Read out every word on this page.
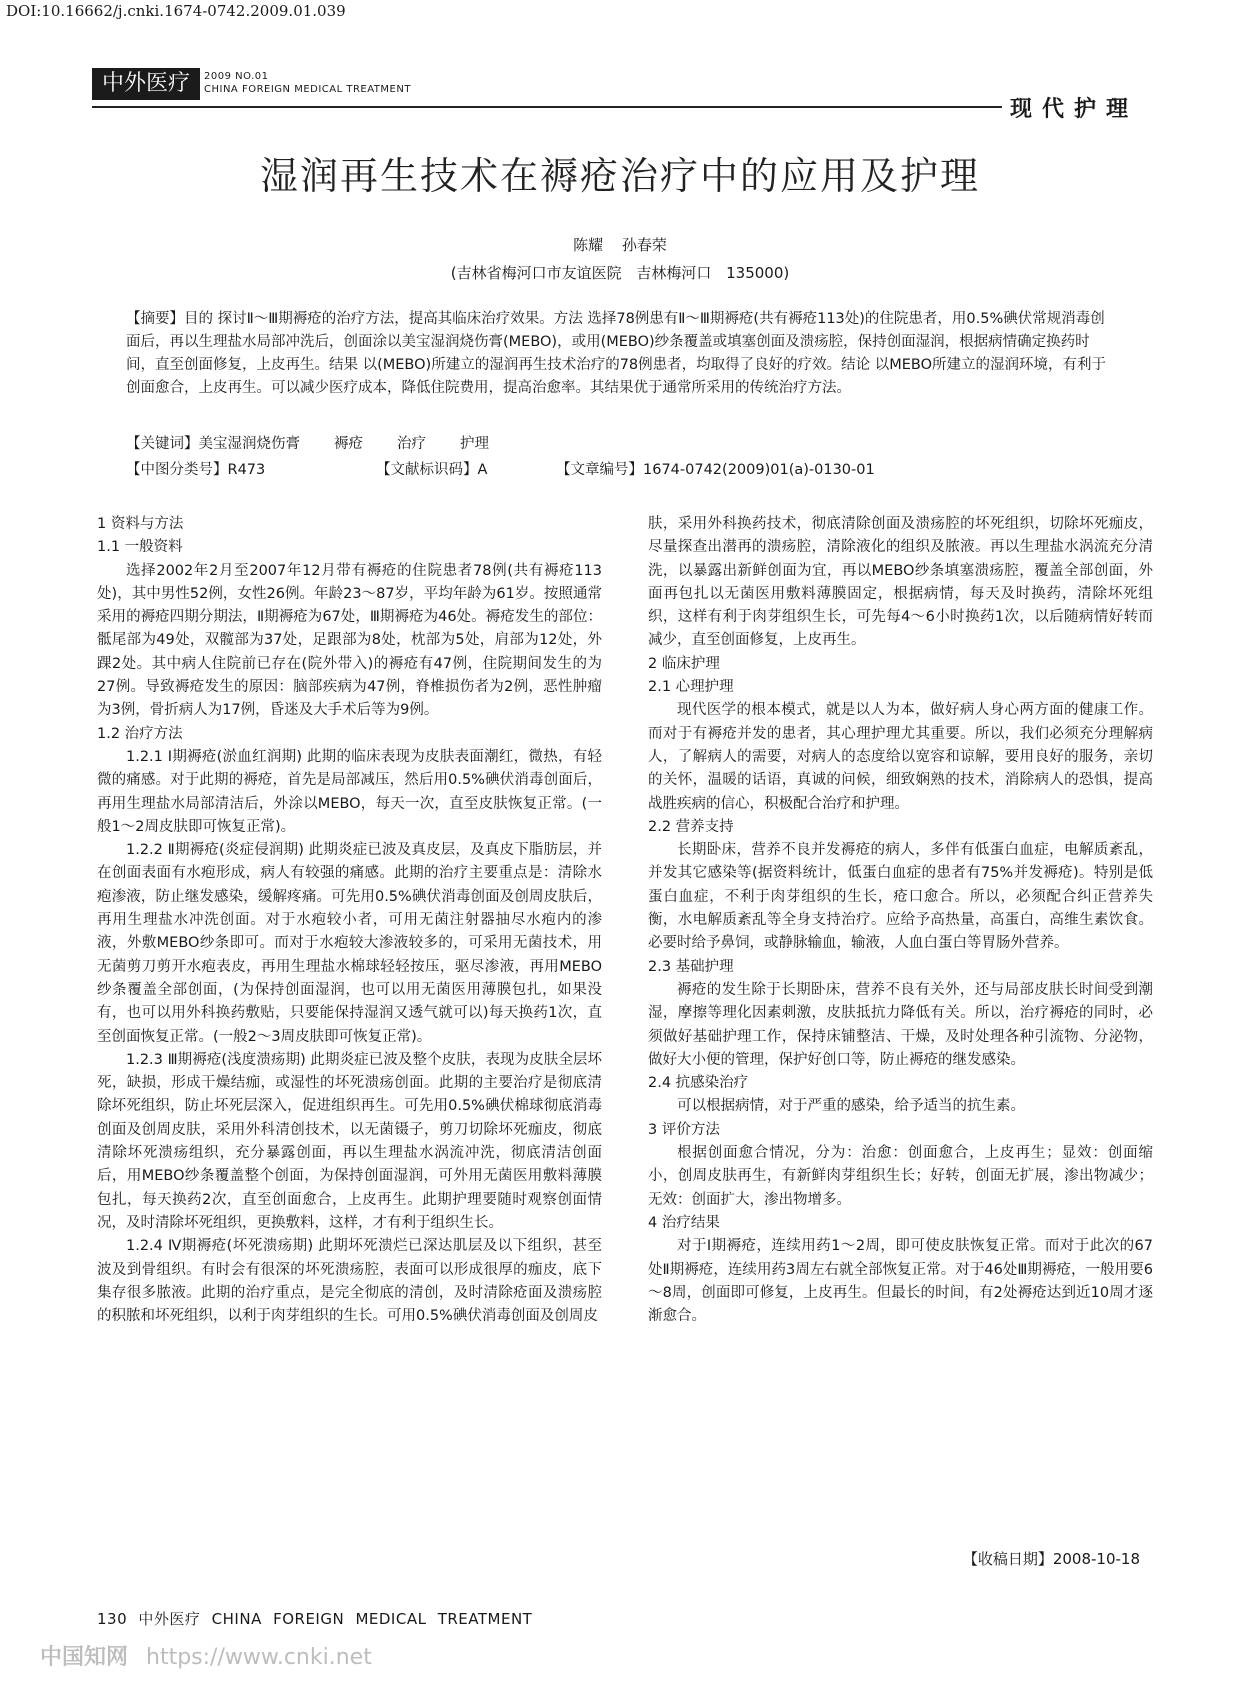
DOI:10.16662/j.cnki.1674-0742.2009.01.039
中外医疗	2009 NO.01
CHINA FOREIGN MEDICAL TREATMENT
现代护理
湿润再生技术在褥疮治疗中的应用及护理
陈耀 孙春荣
(吉林省梅河口市友谊医院 吉林梅河口 135000)

【摘要】目的 探讨Ⅱ～Ⅲ期褥疮的治疗方法，提高其临床治疗效果。方法 选择78例患有Ⅱ～Ⅲ期褥疮(共有褥疮113处)的住院患者，用0.5%碘伏常规消毒创面后，再以生理盐水局部冲洗后，创面涂以美宝湿润烧伤膏(MEBO)，或用(MEBO)纱条覆盖或填塞创面及溃疡腔，保持创面湿润，根据病情确定换药时间，直至创面修复，上皮再生。结果 以(MEBO)所建立的湿润再生技术治疗的78例患者，均取得了良好的疗效。结论 以MEBO所建立的湿润环境，有利于创面愈合，上皮再生。可以减少医疗成本，降低住院费用，提高治愈率。其结果优于通常所采用的传统治疗方法。

【关键词】美宝湿润烧伤膏 褥疮 治疗 护理
【中图分类号】R473	【文献标识码】A	【文章编号】1674-0742(2009)01(a)-0130-01

1 资料与方法

1.1 一般资料

选择2002年2月至2007年12月带有褥疮的住院患者78例(共有褥疮113处)，其中男性52例，女性26例。年龄23～87岁，平均年龄为61岁。按照通常采用的褥疮四期分期法，Ⅱ期褥疮为67处，Ⅲ期褥疮为46处。褥疮发生的部位：骶尾部为49处，双髋部为37处，足跟部为8处，枕部为5处，肩部为12处，外踝2处。其中病人住院前已存在(院外带入)的褥疮有47例，住院期间发生的为27例。导致褥疮发生的原因：脑部疾病为47例，脊椎损伤者为2例，恶性肿瘤为3例，骨折病人为17例，昏迷及大手术后等为9例。

1.2 治疗方法

1.2.1 Ⅰ期褥疮(淤血红润期) 此期的临床表现为皮肤表面潮红，微热，有轻微的痛感。对于此期的褥疮，首先是局部减压，然后用0.5%碘伏消毒创面后，再用生理盐水局部清洁后，外涂以MEBO，每天一次，直至皮肤恢复正常。(一般1～2周皮肤即可恢复正常)。

1.2.2 Ⅱ期褥疮(炎症侵润期) 此期炎症已波及真皮层，及真皮下脂肪层，并在创面表面有水疱形成，病人有较强的痛感。此期的治疗主要重点是：清除水疱渗液，防止继发感染，缓解疼痛。可先用0.5%碘伏消毒创面及创周皮肤后，再用生理盐水冲洗创面。对于水疱较小者，可用无菌注射器抽尽水疱内的渗液，外敷MEBO纱条即可。而对于水疱较大渗液较多的，可采用无菌技术，用无菌剪刀剪开水疱表皮，再用生理盐水棉球轻轻按压，驱尽渗液，再用MEBO纱条覆盖全部创面，(为保持创面湿润，也可以用无菌医用薄膜包扎，如果没有，也可以用外科换药敷贴，只要能保持湿润又透气就可以)每天换药1次，直至创面恢复正常。(一般2～3周皮肤即可恢复正常)。

1.2.3 Ⅲ期褥疮(浅度溃疡期) 此期炎症已波及整个皮肤，表现为皮肤全层坏死，缺损，形成干燥结痂，或湿性的坏死溃疡创面。此期的主要治疗是彻底清除坏死组织，防止坏死层深入，促进组织再生。可先用0.5%碘伏棉球彻底消毒创面及创周皮肤，采用外科清创技术，以无菌镊子，剪刀切除坏死痂皮，彻底清除坏死溃疡组织，充分暴露创面，再以生理盐水涡流冲洗，彻底清洁创面后，用MEBO纱条覆盖整个创面，为保持创面湿润，可外用无菌医用敷料薄膜包扎，每天换药2次，直至创面愈合，上皮再生。此期护理要随时观察创面情况，及时清除坏死组织，更换敷料，这样，才有利于组织生长。

1.2.4 Ⅳ期褥疮(坏死溃疡期) 此期坏死溃烂已深达肌层及以下组织，甚至波及到骨组织。有时会有很深的坏死溃疡腔，表面可以形成很厚的痂皮，底下集存很多脓液。此期的治疗重点，是完全彻底的清创，及时清除疮面及溃疡腔的积脓和坏死组织，以利于肉芽组织的生长。可用0.5%碘伏消毒创面及创周皮

肤，采用外科换药技术，彻底清除创面及溃疡腔的坏死组织，切除坏死痂皮，尽量探查出潜再的溃疡腔，清除液化的组织及脓液。再以生理盐水涡流充分清洗，以暴露出新鲜创面为宜，再以MEBO纱条填塞溃疡腔，覆盖全部创面，外面再包扎以无菌医用敷料薄膜固定，根据病情，每天及时换药，清除坏死组织，这样有利于肉芽组织生长，可先每4～6小时换药1次，以后随病情好转而减少，直至创面修复，上皮再生。

2 临床护理

2.1 心理护理

现代医学的根本模式，就是以人为本，做好病人身心两方面的健康工作。而对于有褥疮并发的患者，其心理护理尤其重要。所以，我们必须充分理解病人，了解病人的需要，对病人的态度给以宽容和谅解，要用良好的服务，亲切的关怀，温暖的话语，真诚的问候，细致娴熟的技术，消除病人的恐惧，提高战胜疾病的信心，积极配合治疗和护理。

2.2 营养支持

长期卧床，营养不良并发褥疮的病人，多伴有低蛋白血症，电解质紊乱，并发其它感染等(据资料统计，低蛋白血症的患者有75%并发褥疮)。特别是低蛋白血症，不利于肉芽组织的生长，疮口愈合。所以，必须配合纠正营养失衡，水电解质紊乱等全身支持治疗。应给予高热量，高蛋白，高维生素饮食。必要时给予鼻饲，或静脉输血，输液，人血白蛋白等胃肠外营养。

2.3 基础护理

褥疮的发生除于长期卧床，营养不良有关外，还与局部皮肤长时间受到潮湿，摩擦等理化因素刺激，皮肤抵抗力降低有关。所以，治疗褥疮的同时，必须做好基础护理工作，保持床铺整洁、干燥，及时处理各种引流物、分泌物，做好大小便的管理，保护好创口等，防止褥疮的继发感染。

2.4 抗感染治疗

可以根据病情，对于严重的感染，给予适当的抗生素。

3 评价方法

根据创面愈合情况，分为：治愈：创面愈合，上皮再生；显效：创面缩小，创周皮肤再生，有新鲜肉芽组织生长；好转，创面无扩展，渗出物减少；无效：创面扩大，渗出物增多。

4 治疗结果

对于Ⅰ期褥疮，连续用药1～2周，即可使皮肤恢复正常。而对于此次的67处Ⅱ期褥疮，连续用药3周左右就全部恢复正常。对于46处Ⅲ期褥疮，一般用要6～8周，创面即可修复，上皮再生。但最长的时间，有2处褥疮达到近10周才逐渐愈合。

【收稿日期】2008-10-18
130 中外医疗 CHINA FOREIGN MEDICAL TREATMENT
中国知网 https://www.cnki.net
